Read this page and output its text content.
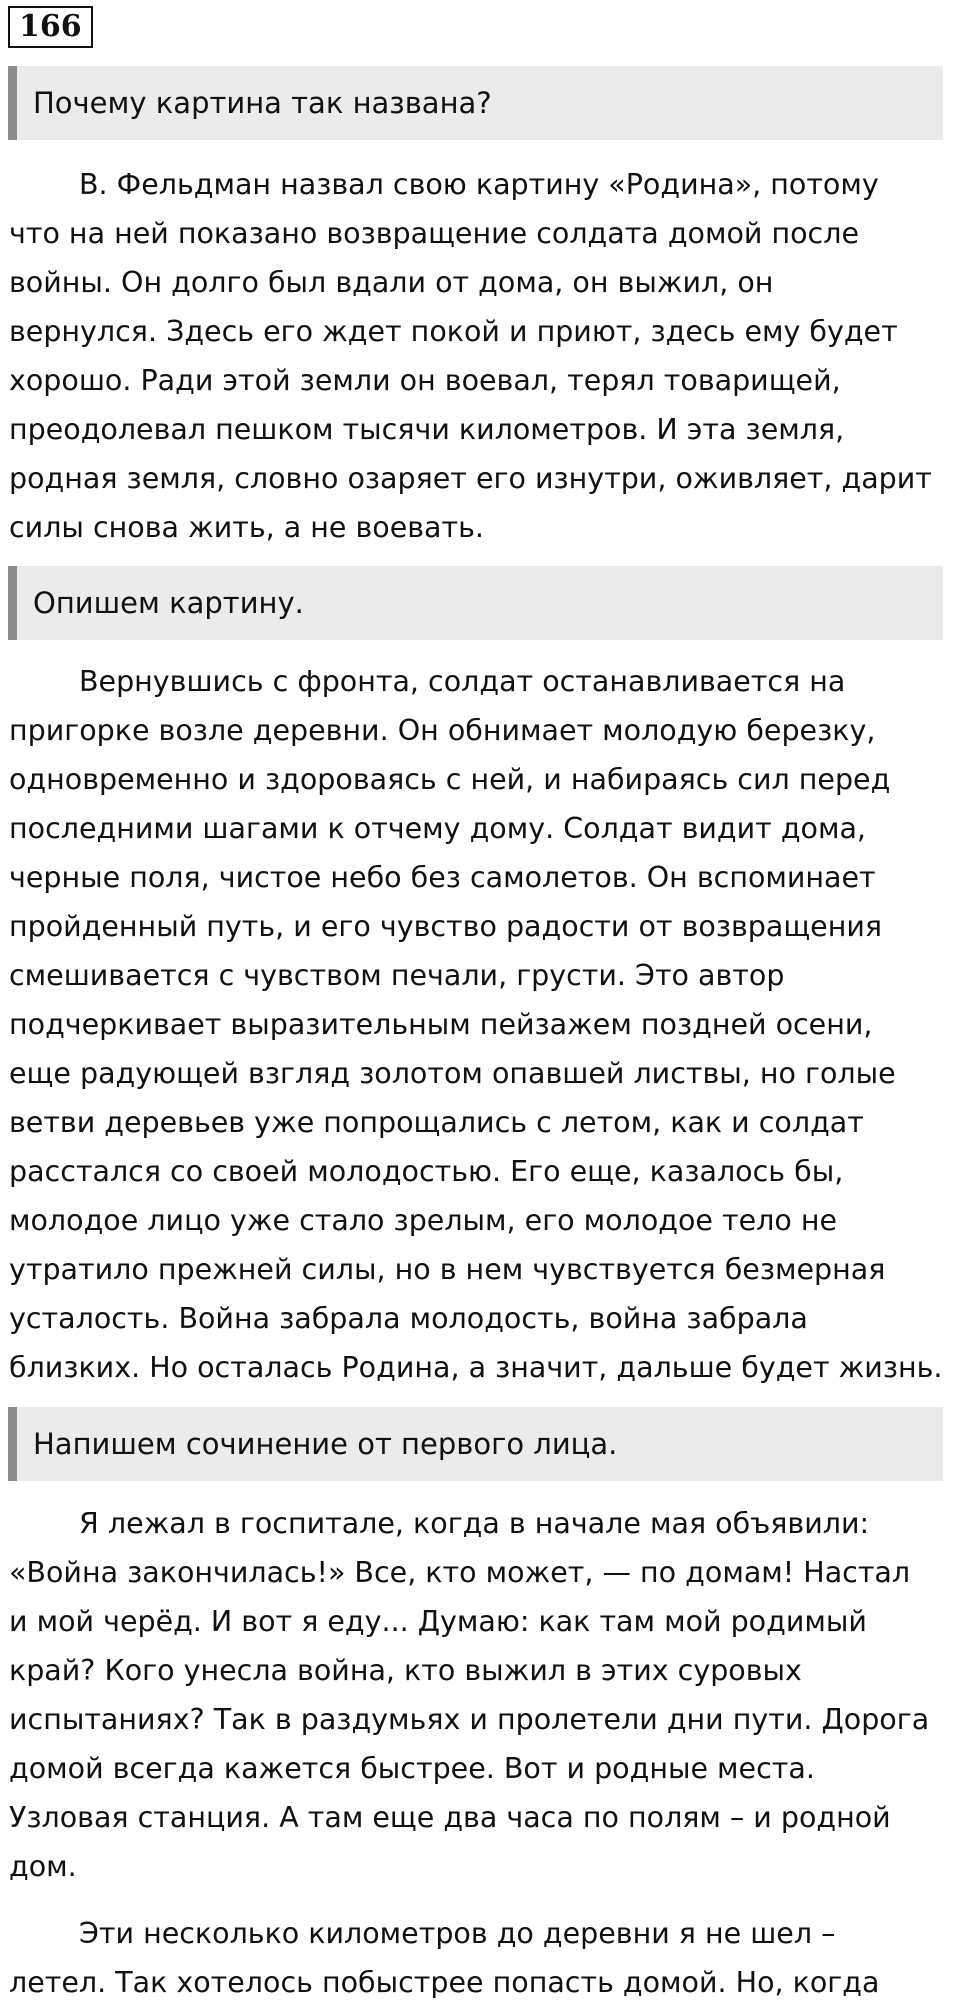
166
Почему картина так названа?
В. Фельдман назвал свою картину «Родина», потому
что на ней показано возвращение солдата домой после
войны. Он долго был вдали от дома, он выжил, он
вернулся. Здесь его ждет покой и приют, здесь ему будет
хорошо. Ради этой земли он воевал, терял товарищей,
преодолевал пешком тысячи километров. И эта земля,
родная земля, словно озаряет его изнутри, оживляет, дарит
силы снова жить, а не воевать.
Опишем картину.
Вернувшись с фронта, солдат останавливается на
пригорке возле деревни. Он обнимает молодую березку,
одновременно и здороваясь с ней, и набираясь сил перед
последними шагами к отчему дому. Солдат видит дома,
черные поля, чистое небо без самолетов. Он вспоминает
пройденный путь, и его чувство радости от возвращения
смешивается с чувством печали, грусти. Это автор
подчеркивает выразительным пейзажем поздней осени,
еще радующей взгляд золотом опавшей листвы, но голые
ветви деревьев уже попрощались с летом, как и солдат
расстался со своей молодостью. Его еще, казалось бы,
молодое лицо уже стало зрелым, его молодое тело не
утратило прежней силы, но в нем чувствуется безмерная
усталость. Война забрала молодость, война забрала
близких. Но осталась Родина, а значит, дальше будет жизнь.
Напишем сочинение от первого лица.
Я лежал в госпитале, когда в начале мая объявили:
«Война закончилась!» Все, кто может, — по домам! Настал
и мой черёд. И вот я еду... Думаю: как там мой родимый
край? Кого унесла война, кто выжил в этих суровых
испытаниях? Так в раздумьях и пролетели дни пути. Дорога
домой всегда кажется быстрее. Вот и родные места.
Узловая станция. А там еще два часа по полям – и родной
дом.
Эти несколько километров до деревни я не шел –
летел. Так хотелось побыстрее попасть домой. Но, когда
